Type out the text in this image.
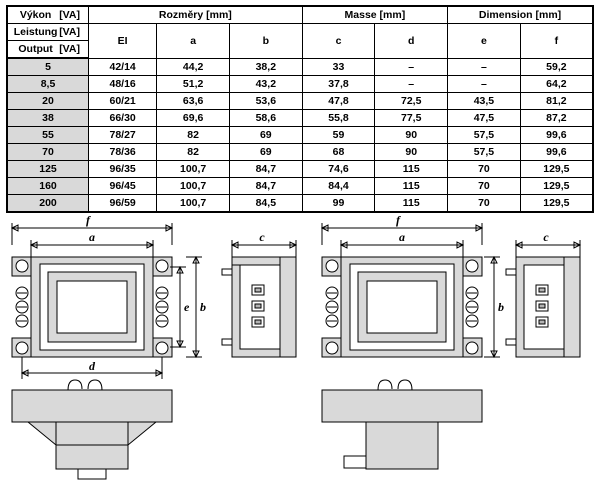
Výkon [VA]	Rozměry [mm]			Masse [mm]		Dimension [mm]	
Leistung [VA]	EI	a	b	c	d	e	f
Output [VA]							

5	42/14	44,2	38,2	33	–	–	59,2
8,5	48/16	51,2	43,2	37,8	–	–	64,2
20	60/21	63,6	53,6	47,8	72,5	43,5	81,2
38	66/30	69,6	58,6	55,8	77,5	47,5	87,2
55	78/27	82	69	59	90	57,5	99,6
70	78/36	82	69	68	90	57,5	99,6
125	96/35	100,7	84,7	74,6	115	70	129,5
160	96/45	100,7	84,7	84,4	115	70	129,5
200	96/59	100,7	84,5	99	115	70	129,5
f
a
e b
d
c
f
a
b
c
